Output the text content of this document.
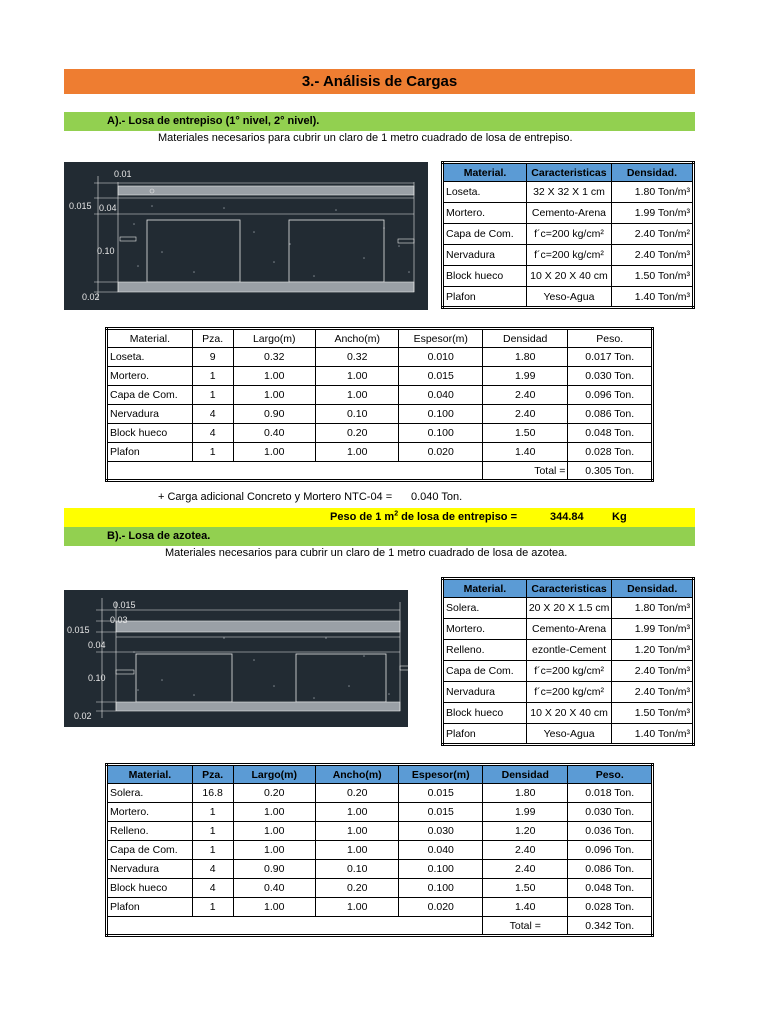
3.- Análisis de Cargas
A).- Losa de entrepiso (1° nivel, 2° nivel).
Materiales necesarios para cubrir un claro de 1 metro cuadrado de losa de entrepiso.
0.01
0.015 0.04
0.10
0.02
Material.	Caracteristicas	Densidad.
Loseta.	32 X 32 X 1 cm	1.80 Ton/m³
Mortero.	Cemento-Arena	1.99 Ton/m³
Capa de Com.	f´c=200 kg/cm²	2.40 Ton/m²
Nervadura	f´c=200 kg/cm²	2.40 Ton/m³
Block hueco	10 X 20 X 40 cm	1.50 Ton/m³
Plafon	Yeso-Agua	1.40 Ton/m³
Material.	Pza.	Largo(m)	Ancho(m)	Espesor(m)	Densidad	Peso.
Loseta.	9	0.32	0.32	0.010	1.80	0.017 Ton.
Mortero.	1	1.00	1.00	0.015	1.99	0.030 Ton.
Capa de Com.	1	1.00	1.00	0.040	2.40	0.096 Ton.
Nervadura	4	0.90	0.10	0.100	2.40	0.086 Ton.
Block hueco	4	0.40	0.20	0.100	1.50	0.048 Ton.
Plafon	1	1.00	1.00	0.020	1.40	0.028 Ton.
					Total =	0.305 Ton.
+ Carga adicional Concreto y Mortero NTC-04 = 0.040 Ton.
Peso de 1 $m^2$ de losa de entrepiso =	344.84	Kg
B).- Losa de azotea.
Materiales necesarios para cubrir un claro de 1 metro cuadrado de losa de azotea.
0.015
0.03
0.015
0.04
0.10
0.02
Material.	Caracteristicas	Densidad.
Solera.	20 X 20 X 1.5 cm	1.80 Ton/m³
Mortero.	Cemento-Arena	1.99 Ton/m³
Relleno.	ezontle-Cement	1.20 Ton/m³
Capa de Com.	f´c=200 kg/cm²	2.40 Ton/m³
Nervadura	f´c=200 kg/cm²	2.40 Ton/m³
Block hueco	10 X 20 X 40 cm	1.50 Ton/m³
Plafon	Yeso-Agua	1.40 Ton/m³
Material.	Pza.	Largo(m)	Ancho(m)	Espesor(m)	Densidad	Peso.
Solera.	16.8	0.20	0.20	0.015	1.80	0.018 Ton.
Mortero.	1	1.00	1.00	0.015	1.99	0.030 Ton.
Relleno.	1	1.00	1.00	0.030	1.20	0.036 Ton.
Capa de Com.	1	1.00	1.00	0.040	2.40	0.096 Ton.
Nervadura	4	0.90	0.10	0.100	2.40	0.086 Ton.
Block hueco	4	0.40	0.20	0.100	1.50	0.048 Ton.
Plafon	1	1.00	1.00	0.020	1.40	0.028 Ton.
					Total =	0.342 Ton.
